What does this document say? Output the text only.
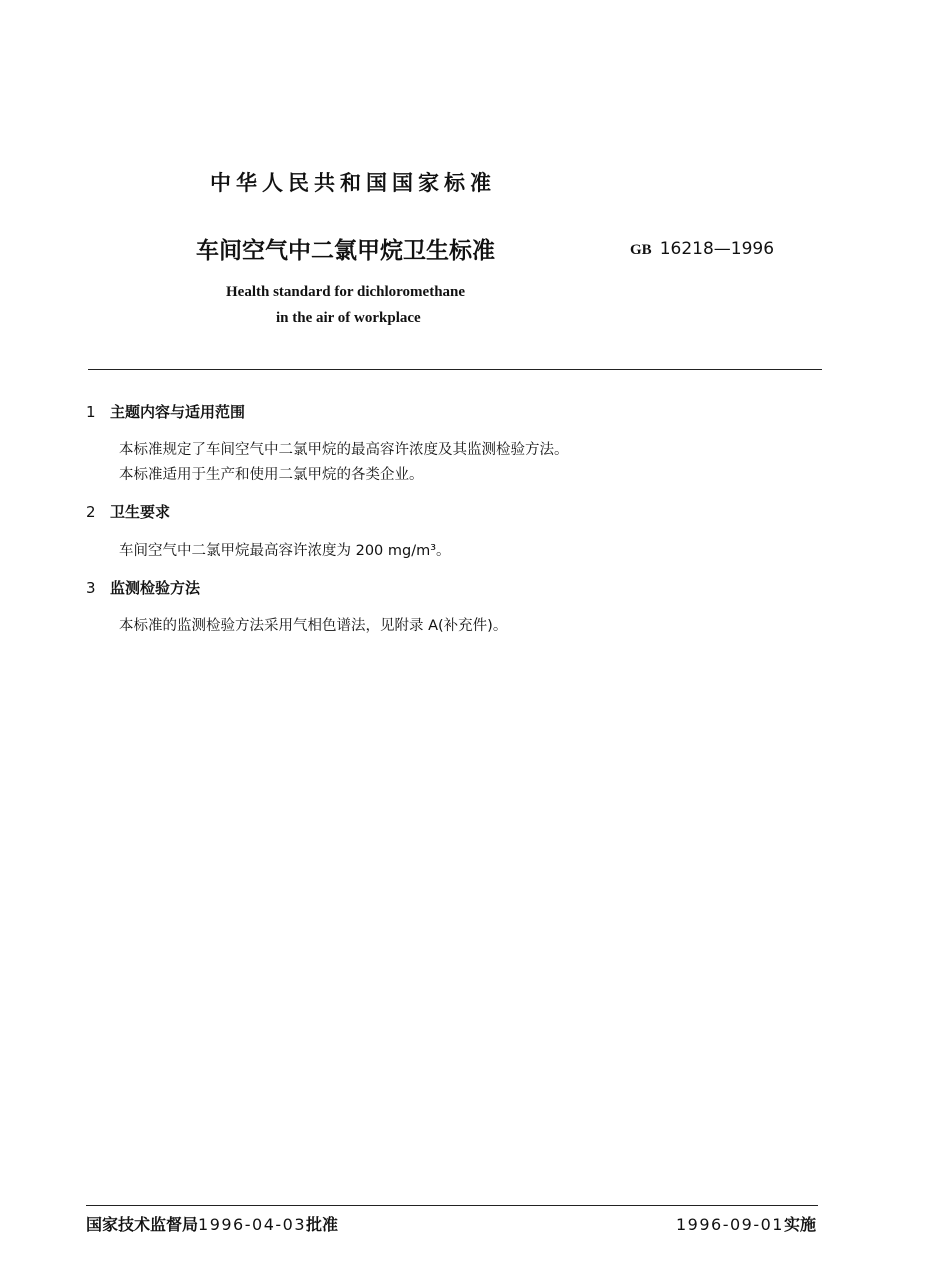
中华人民共和国国家标准
车间空气中二氯甲烷卫生标准	GB 16218—1996
Health standard for dichloromethane
in the air of workplace
1 主题内容与适用范围
本标准规定了车间空气中二氯甲烷的最高容许浓度及其监测检验方法。
本标准适用于生产和使用二氯甲烷的各类企业。
2 卫生要求
车间空气中二氯甲烷最高容许浓度为 200 mg/m³。
3 监测检验方法
本标准的监测检验方法采用气相色谱法，见附录 A(补充件)。
国家技术监督局1996-04-03批准	1996-09-01实施
